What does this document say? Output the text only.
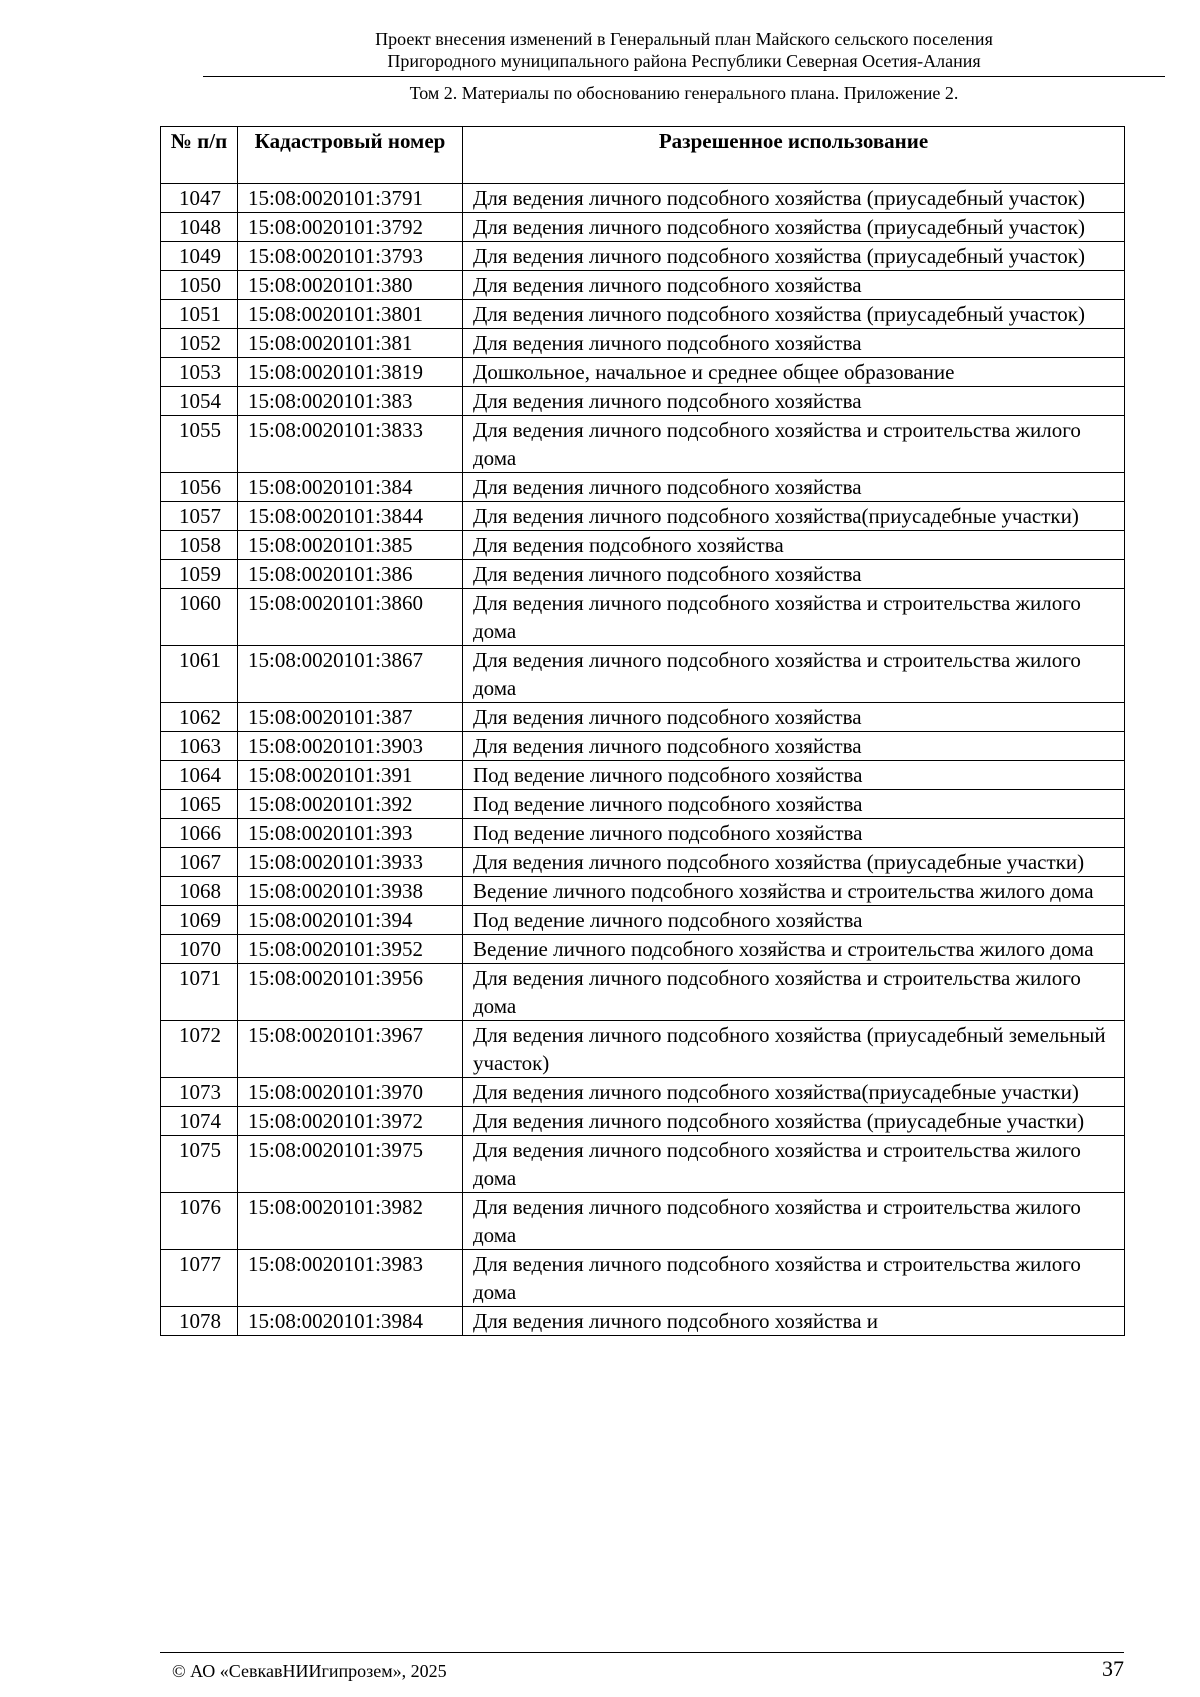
Проект внесения изменений в Генеральный план Майского сельского поселения
Пригородного муниципального района Республики Северная Осетия-Алания
Том 2. Материалы по обоснованию генерального плана. Приложение 2.
№ п/п	Кадастровый номер	Разрешенное использование
1047	15:08:0020101:3791	Для ведения личного подсобного хозяйства (приусадебный участок)
1048	15:08:0020101:3792	Для ведения личного подсобного хозяйства (приусадебный участок)
1049	15:08:0020101:3793	Для ведения личного подсобного хозяйства (приусадебный участок)
1050	15:08:0020101:380	Для ведения личного подсобного хозяйства
1051	15:08:0020101:3801	Для ведения личного подсобного хозяйства (приусадебный участок)
1052	15:08:0020101:381	Для ведения личного подсобного хозяйства
1053	15:08:0020101:3819	Дошкольное, начальное и среднее общее образование
1054	15:08:0020101:383	Для ведения личного подсобного хозяйства
1055	15:08:0020101:3833	Для ведения личного подсобного хозяйства и строительства жилого дома
1056	15:08:0020101:384	Для ведения личного подсобного хозяйства
1057	15:08:0020101:3844	Для ведения личного подсобного хозяйства(приусадебные участки)
1058	15:08:0020101:385	Для ведения подсобного хозяйства
1059	15:08:0020101:386	Для ведения личного подсобного хозяйства
1060	15:08:0020101:3860	Для ведения личного подсобного хозяйства и строительства жилого дома
1061	15:08:0020101:3867	Для ведения личного подсобного хозяйства и строительства жилого дома
1062	15:08:0020101:387	Для ведения личного подсобного хозяйства
1063	15:08:0020101:3903	Для ведения личного подсобного хозяйства
1064	15:08:0020101:391	Под ведение личного подсобного хозяйства
1065	15:08:0020101:392	Под ведение личного подсобного хозяйства
1066	15:08:0020101:393	Под ведение личного подсобного хозяйства
1067	15:08:0020101:3933	Для ведения личного подсобного хозяйства (приусадебные участки)
1068	15:08:0020101:3938	Ведение личного подсобного хозяйства и строительства жилого дома
1069	15:08:0020101:394	Под ведение личного подсобного хозяйства
1070	15:08:0020101:3952	Ведение личного подсобного хозяйства и строительства жилого дома
1071	15:08:0020101:3956	Для ведения личного подсобного хозяйства и строительства жилого дома
1072	15:08:0020101:3967	Для ведения личного подсобного хозяйства (приусадебный земельный участок)
1073	15:08:0020101:3970	Для ведения личного подсобного хозяйства(приусадебные участки)
1074	15:08:0020101:3972	Для ведения личного подсобного хозяйства (приусадебные участки)
1075	15:08:0020101:3975	Для ведения личного подсобного хозяйства и строительства жилого дома
1076	15:08:0020101:3982	Для ведения личного подсобного хозяйства и строительства жилого дома
1077	15:08:0020101:3983	Для ведения личного подсобного хозяйства и строительства жилого дома
1078	15:08:0020101:3984	Для ведения личного подсобного хозяйства и
© АО «СевкавНИИгипрозем», 2025	37
